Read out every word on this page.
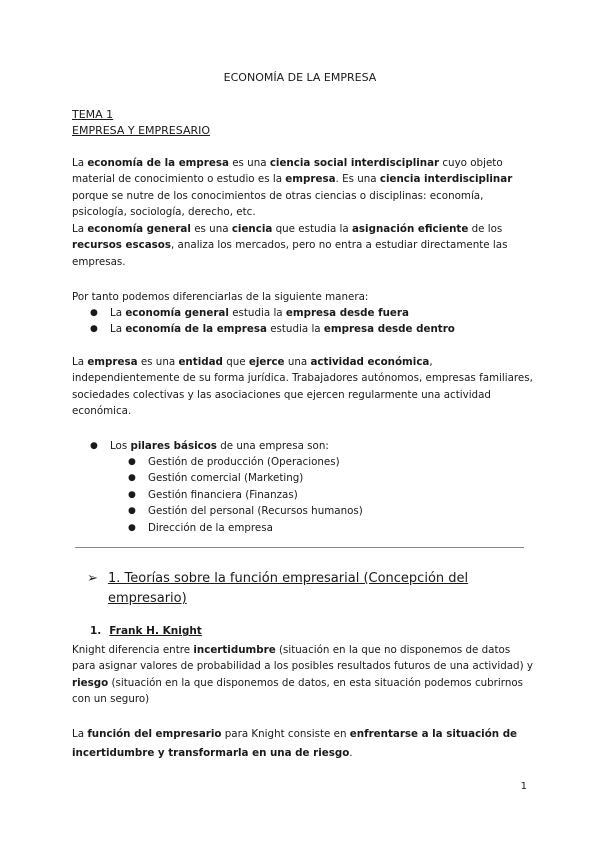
ECONOMÍA DE LA EMPRESA
TEMA 1
EMPRESA Y EMPRESARIO

La economía de la empresa es una ciencia social interdisciplinar cuyo objeto material de conocimiento o estudio es la empresa. Es una ciencia interdisciplinar porque se nutre de los conocimientos de otras ciencias o disciplinas: economía, psicología, sociología, derecho, etc.

La economía general es una ciencia que estudia la asignación eficiente de los recursos escasos, analiza los mercados, pero no entra a estudiar directamente las empresas.

Por tanto podemos diferenciarlas de la siguiente manera:

● La economía general estudia la empresa desde fuera
● La economía de la empresa estudia la empresa desde dentro

La empresa es una entidad que ejerce una actividad económica, independientemente de su forma jurídica. Trabajadores autónomos, empresas familiares, sociedades colectivas y las asociaciones que ejercen regularmente una actividad económica.

● Los pilares básicos de una empresa son:
● Gestión de producción (Operaciones)
● Gestión comercial (Marketing)
● Gestión financiera (Finanzas)
● Gestión del personal (Recursos humanos)
● Dirección de la empresa
➢ 1. Teorías sobre la función empresarial (Concepción del empresario)
1. Frank H. Knight

Knight diferencia entre incertidumbre (situación en la que no disponemos de datos para asignar valores de probabilidad a los posibles resultados futuros de una actividad) y riesgo (situación en la que disponemos de datos, en esta situación podemos cubrirnos con un seguro)

La función del empresario para Knight consiste en enfrentarse a la situación de incertidumbre y transformarla en una de riesgo.

1
